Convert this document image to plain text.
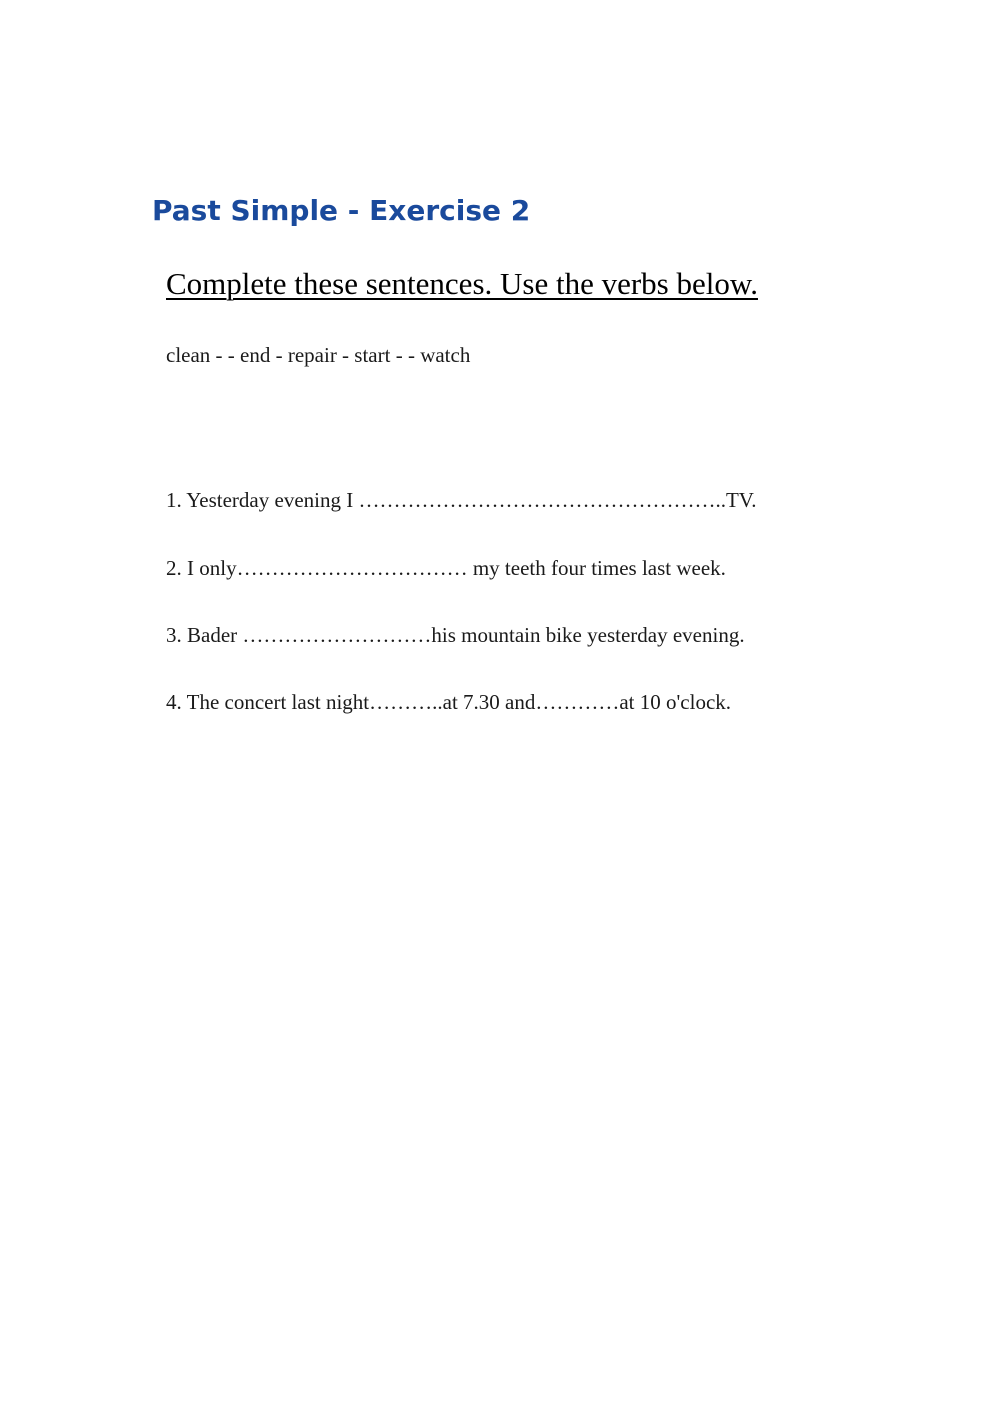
Past Simple - Exercise 2

Complete these sentences. Use the verbs below.

clean - - end - repair - start - - watch

1. Yesterday evening I ……………………………………………..TV.

2. I only…………………………… my teeth four times last week.

3. Bader ………………………his mountain bike yesterday evening.

4. The concert last night………..at 7.30 and…………at 10 o'clock.
